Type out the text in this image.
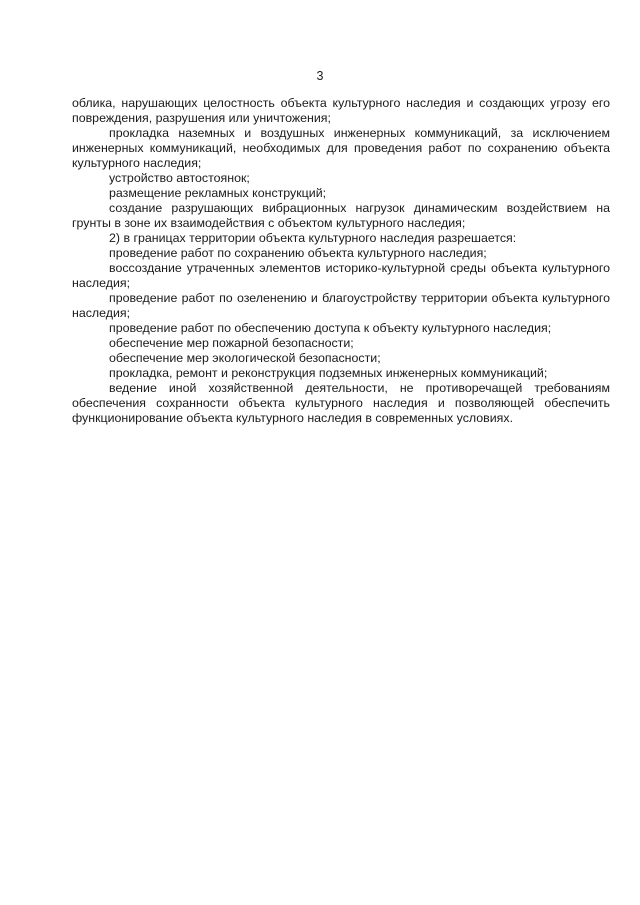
3

облика, нарушающих целостность объекта культурного наследия и создающих угрозу его повреждения, разрушения или уничтожения;

прокладка наземных и воздушных инженерных коммуникаций, за исключением инженерных коммуникаций, необходимых для проведения работ по сохранению объекта культурного наследия;

устройство автостоянок;

размещение рекламных конструкций;

создание разрушающих вибрационных нагрузок динамическим воздействием на грунты в зоне их взаимодействия с объектом культурного наследия;

2) в границах территории объекта культурного наследия разрешается:

проведение работ по сохранению объекта культурного наследия;

воссоздание утраченных элементов историко-культурной среды объекта культурного наследия;

проведение работ по озеленению и благоустройству территории объекта культурного наследия;

проведение работ по обеспечению доступа к объекту культурного наследия;

обеспечение мер пожарной безопасности;

обеспечение мер экологической безопасности;

прокладка, ремонт и реконструкция подземных инженерных коммуникаций;

ведение иной хозяйственной деятельности, не противоречащей требованиям обеспечения сохранности объекта культурного наследия и позволяющей обеспечить функционирование объекта культурного наследия в современных условиях.
